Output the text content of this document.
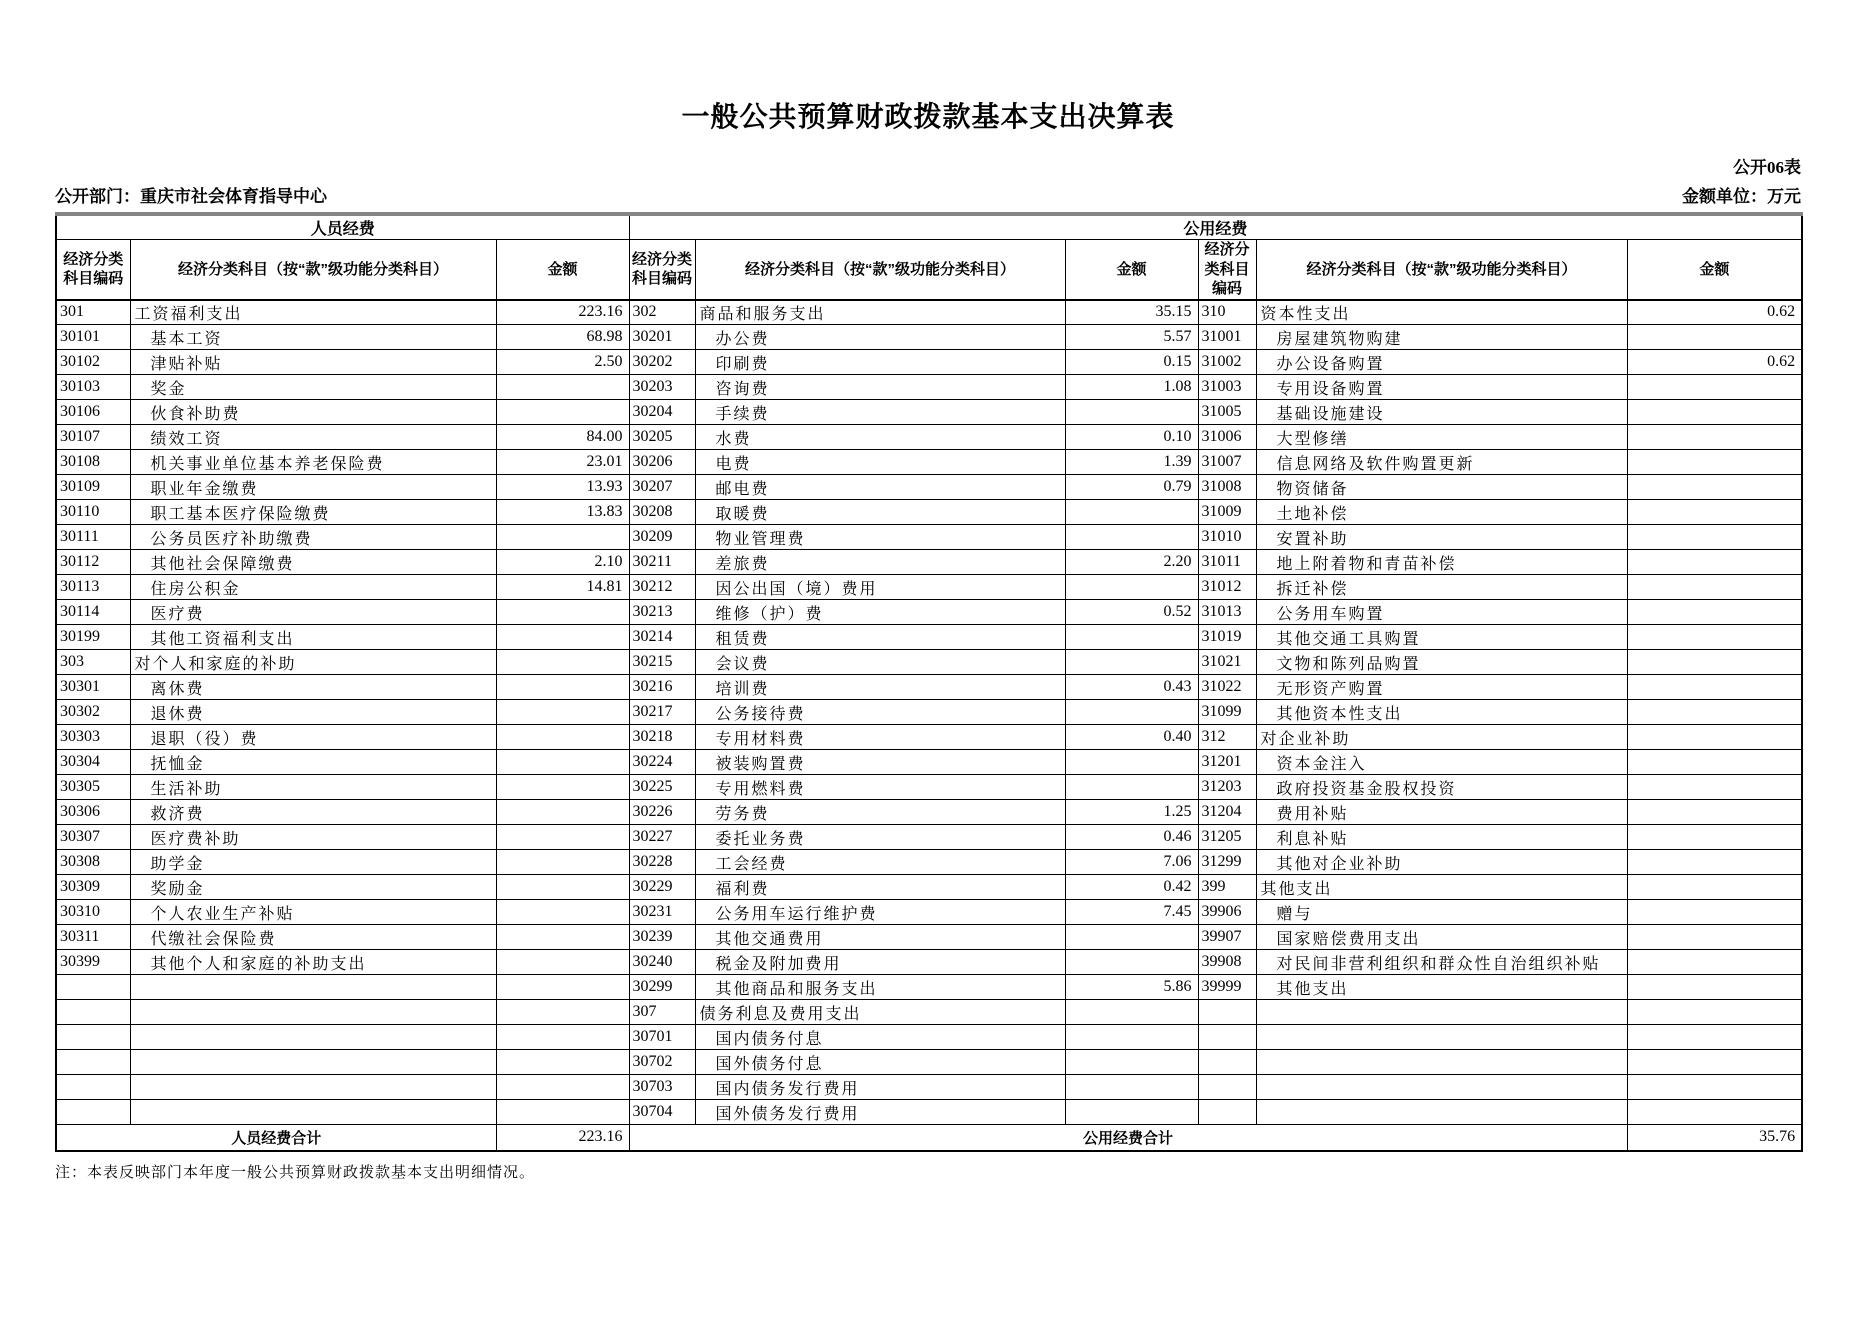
一般公共预算财政拨款基本支出决算表
公开06表
公开部门：重庆市社会体育指导中心	金额单位：万元
人员经费			公用经费					
经济分类科目编码	经济分类科目（按“款”级功能分类科目）	金额	经济分类科目编码	经济分类科目（按“款”级功能分类科目）	金额	经济分类科目编码	经济分类科目（按“款”级功能分类科目）	金额
301	工资福利支出	223.16	302	商品和服务支出	35.15	310	资本性支出	0.62
30101	基本工资	68.98	30201	办公费	5.57	31001	房屋建筑物购建	
30102	津贴补贴	2.50	30202	印刷费	0.15	31002	办公设备购置	0.62
30103	奖金		30203	咨询费	1.08	31003	专用设备购置	
30106	伙食补助费		30204	手续费		31005	基础设施建设	
30107	绩效工资	84.00	30205	水费	0.10	31006	大型修缮	
30108	机关事业单位基本养老保险费	23.01	30206	电费	1.39	31007	信息网络及软件购置更新	
30109	职业年金缴费	13.93	30207	邮电费	0.79	31008	物资储备	
30110	职工基本医疗保险缴费	13.83	30208	取暖费		31009	土地补偿	
30111	公务员医疗补助缴费		30209	物业管理费		31010	安置补助	
30112	其他社会保障缴费	2.10	30211	差旅费	2.20	31011	地上附着物和青苗补偿	
30113	住房公积金	14.81	30212	因公出国（境）费用		31012	拆迁补偿	
30114	医疗费		30213	维修（护）费	0.52	31013	公务用车购置	
30199	其他工资福利支出		30214	租赁费		31019	其他交通工具购置	
303	对个人和家庭的补助		30215	会议费		31021	文物和陈列品购置	
30301	离休费		30216	培训费	0.43	31022	无形资产购置	
30302	退休费		30217	公务接待费		31099	其他资本性支出	
30303	退职（役）费		30218	专用材料费	0.40	312	对企业补助	
30304	抚恤金		30224	被装购置费		31201	资本金注入	
30305	生活补助		30225	专用燃料费		31203	政府投资基金股权投资	
30306	救济费		30226	劳务费	1.25	31204	费用补贴	
30307	医疗费补助		30227	委托业务费	0.46	31205	利息补贴	
30308	助学金		30228	工会经费	7.06	31299	其他对企业补助	
30309	奖励金		30229	福利费	0.42	399	其他支出	
30310	个人农业生产补贴		30231	公务用车运行维护费	7.45	39906	赠与	
30311	代缴社会保险费		30239	其他交通费用		39907	国家赔偿费用支出	
30399	其他个人和家庭的补助支出		30240	税金及附加费用		39908	对民间非营利组织和群众性自治组织补贴	
			30299	其他商品和服务支出	5.86	39999	其他支出	
			307	债务利息及费用支出				
			30701	国内债务付息				
			30702	国外债务付息				
			30703	国内债务发行费用				
			30704	国外债务发行费用				
人员经费合计		223.16	公用经费合计					35.76
注：本表反映部门本年度一般公共预算财政拨款基本支出明细情况。
